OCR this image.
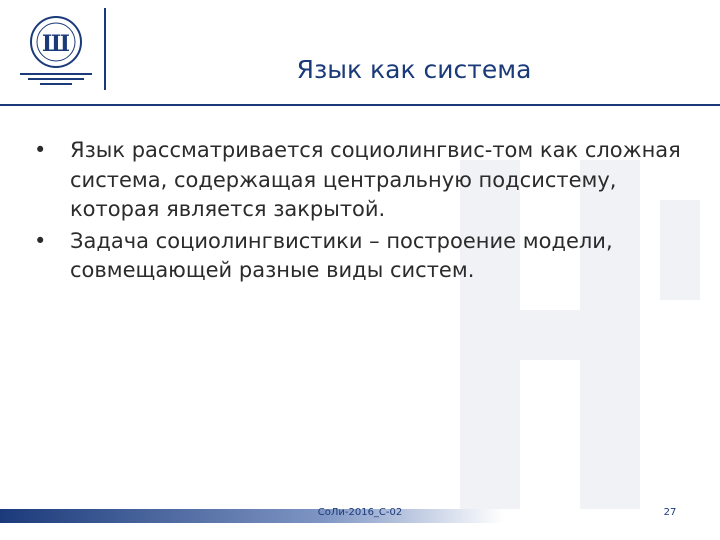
Ш
Язык как система
•	Язык рассматривается социолингвис-том как сложная система, содержащая центральную подсистему, которая является закрытой.
•	Задача социолингвистики – построение модели, совмещающей разные виды систем.
СоЛи-2016_С-02	27
